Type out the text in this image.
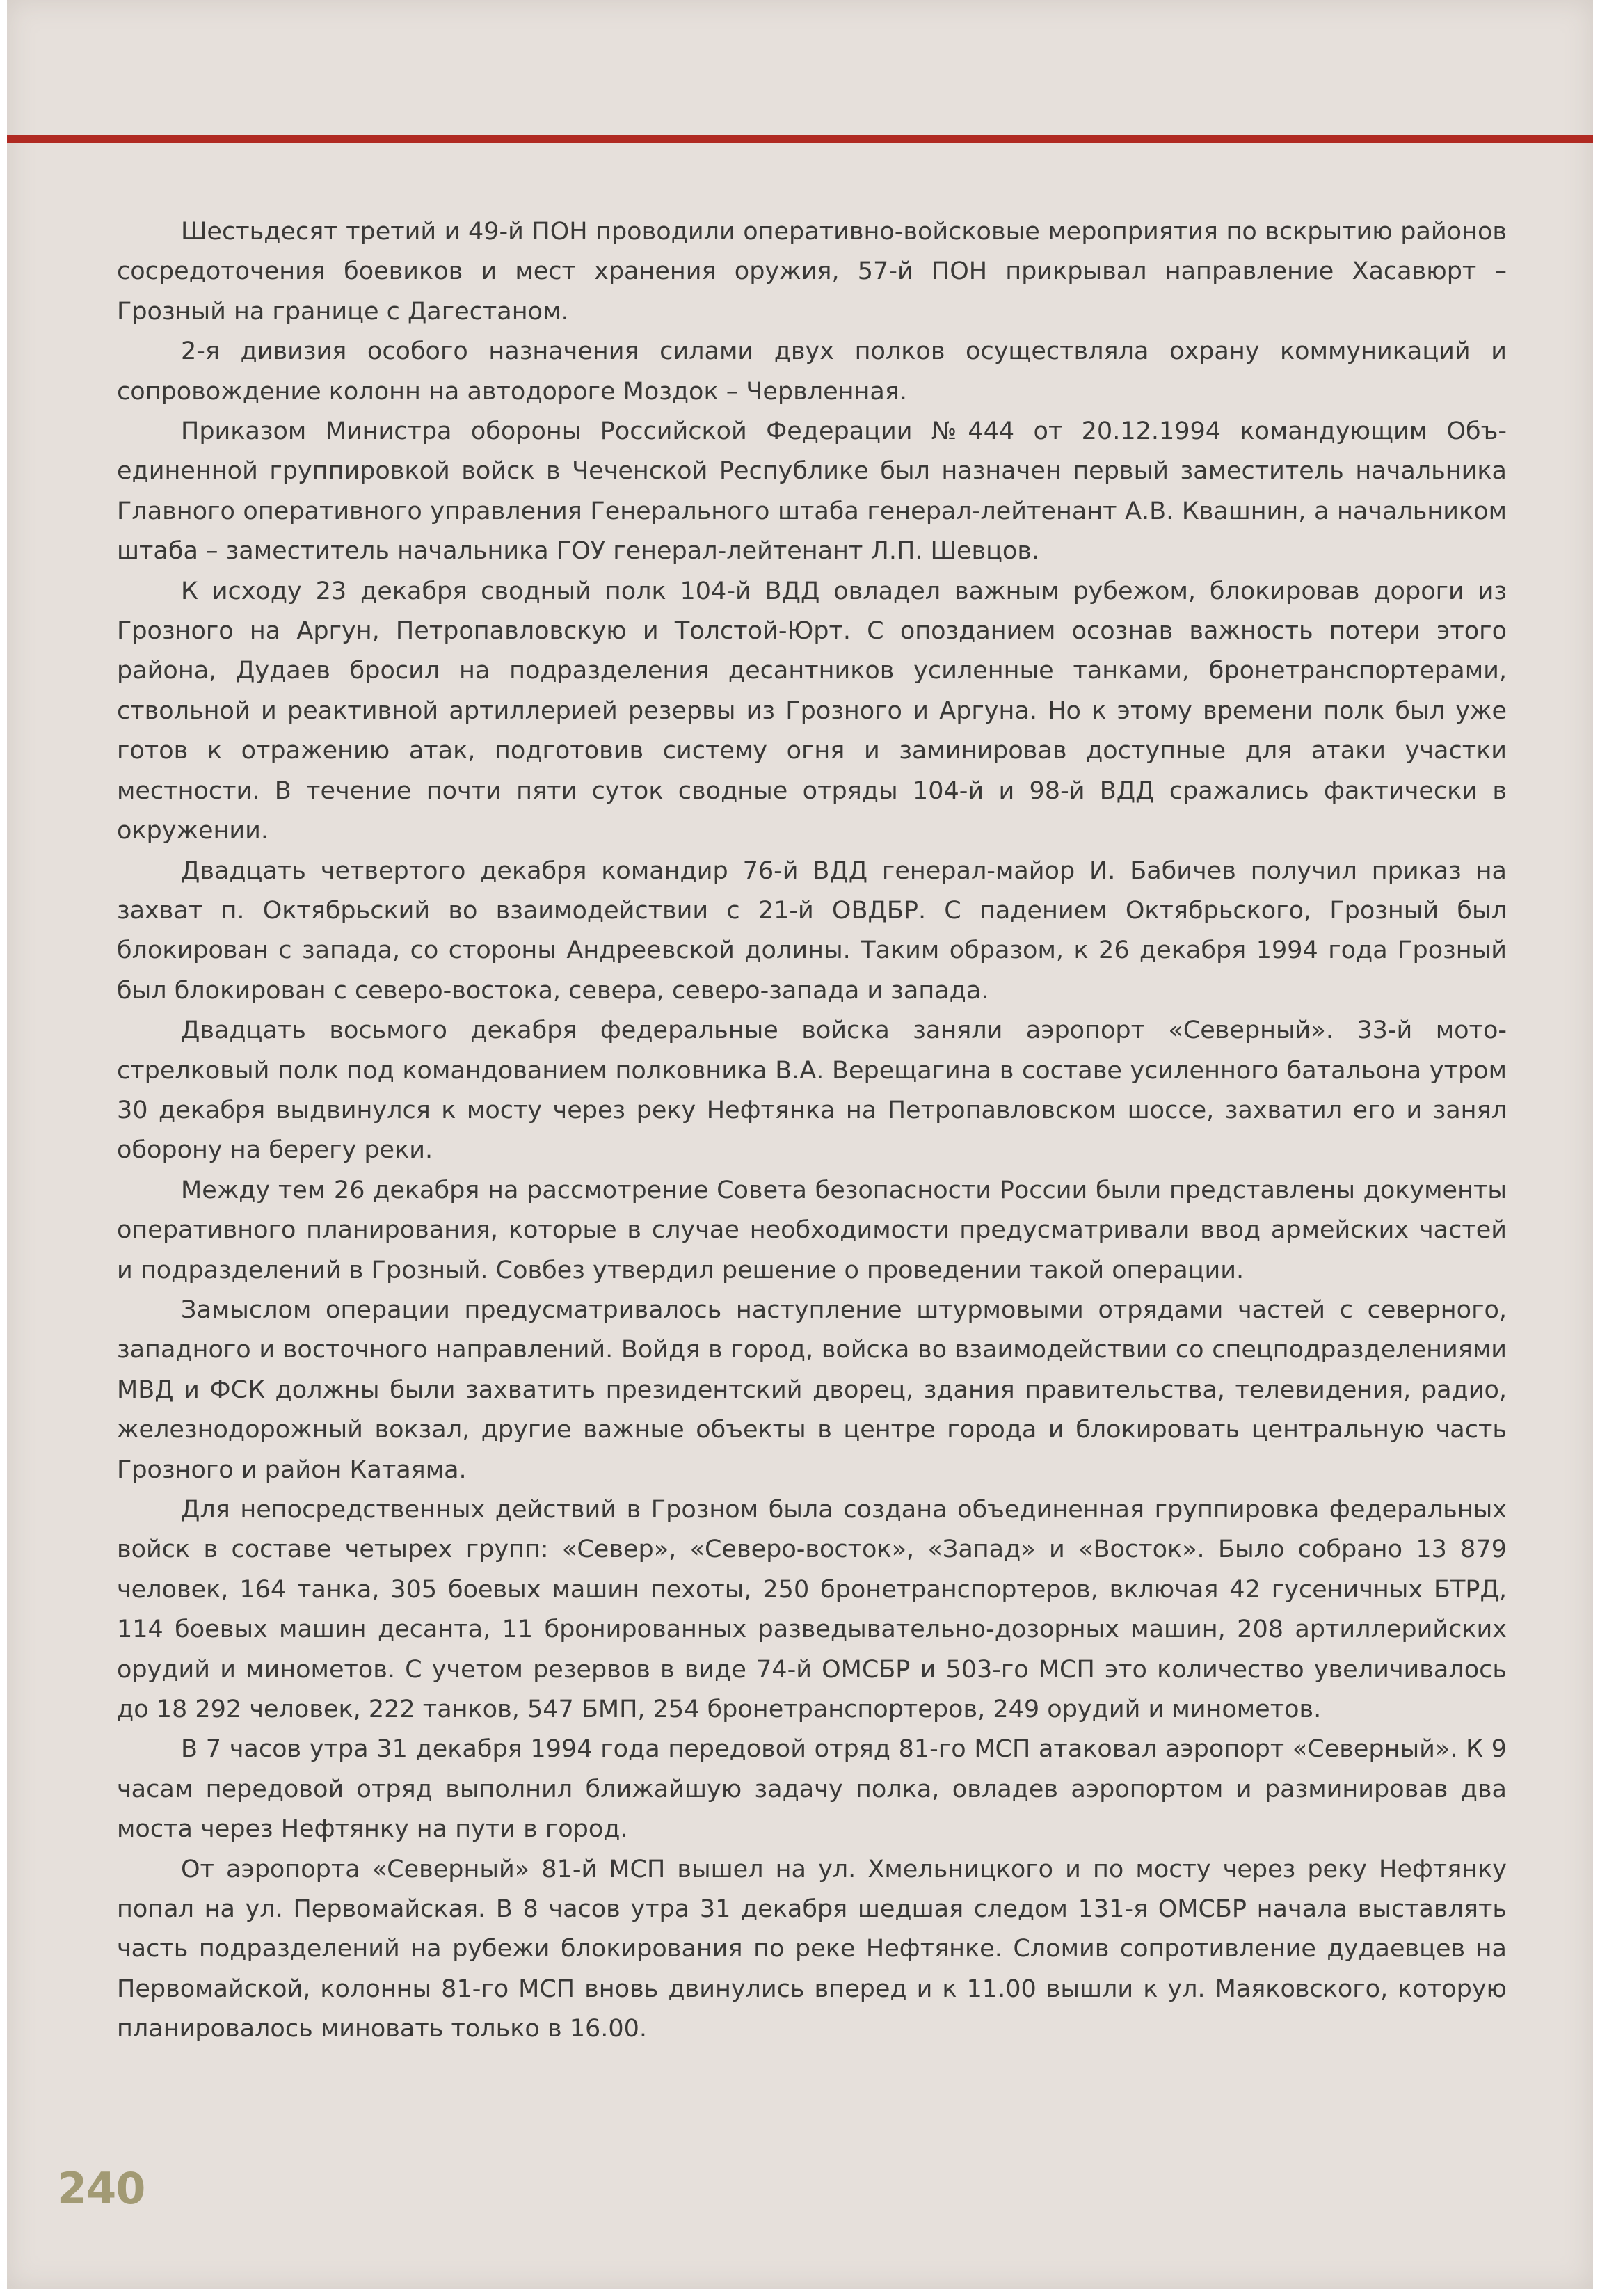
Шестьдесят третий и 49-й ПОН проводили оперативно-войсковые мероприятия по вскрытию районов сосредоточения боевиков и мест хранения оружия, 57-й ПОН прикрывал направление Хасавюрт – Грозный на границе с Дагестаном.

2-я дивизия особого назначения силами двух полков осуществляла охрану коммуникаций и сопровождение колонн на автодороге Моздок – Червленная.

Приказом Министра обороны Российской Федерации №444 от 20.12.1994 командующим Объединенной группировкой войск в Чеченской Республике был назначен первый заместитель начальника Главного оперативного управления Генерального штаба генерал-лейтенант А.В. Квашнин, а начальником штаба – заместитель начальника ГОУ генерал-лейтенант Л.П. Шевцов.

К исходу 23 декабря сводный полк 104-й ВДД овладел важным рубежом, блокировав дороги из Грозного на Аргун, Петропавловскую и Толстой-Юрт. С опозданием осознав важность потери этого района, Дудаев бросил на подразделения десантников усиленные танками, бронетранспортерами, ствольной и реактивной артиллерией резервы из Грозного и Аргуна. Но к этому времени полк был уже готов к отражению атак, подготовив систему огня и заминировав доступные для атаки участки местности. В течение почти пяти суток сводные отряды 104-й и 98-й ВДД сражались фактически в окружении.

Двадцать четвертого декабря командир 76-й ВДД генерал-майор И. Бабичев получил приказ на захват п. Октябрьский во взаимодействии с 21-й ОВДБР. С падением Октябрьского, Грозный был блокирован с запада, со стороны Андреевской долины. Таким образом, к 26 декабря 1994 года Грозный был блокирован с северо-востока, севера, северо-запада и запада.

Двадцать восьмого декабря федеральные войска заняли аэропорт «Северный». 33-й мотострелковый полк под командованием полковника В.А. Верещагина в составе усиленного батальона утром 30 декабря выдвинулся к мосту через реку Нефтянка на Петропавловском шоссе, захватил его и занял оборону на берегу реки.

Между тем 26 декабря на рассмотрение Совета безопасности России были представлены документы оперативного планирования, которые в случае необходимости предусматривали ввод армейских частей и подразделений в Грозный. Совбез утвердил решение о проведении такой операции.

Замыслом операции предусматривалось наступление штурмовыми отрядами частей с северного, западного и восточного направлений. Войдя в город, войска во взаимодействии со спецподразделениями МВД и ФСК должны были захватить президентский дворец, здания правительства, телевидения, радио, железнодорожный вокзал, другие важные объекты в центре города и блокировать центральную часть Грозного и район Катаяма.

Для непосредственных действий в Грозном была создана объединенная группировка федеральных войск в составе четырех групп: «Север», «Северо-восток», «Запад» и «Восток». Было собрано 13 879 человек, 164 танка, 305 боевых машин пехоты, 250 бронетранспортеров, включая 42 гусеничных БТРД, 114 боевых машин десанта, 11 бронированных разведывательно-дозорных машин, 208 артиллерийских орудий и минометов. С учетом резервов в виде 74-й ОМСБР и 503-го МСП это количество увеличивалось до 18 292 человек, 222 танков, 547 БМП, 254 бронетранспортеров, 249 орудий и минометов.

В 7 часов утра 31 декабря 1994 года передовой отряд 81-го МСП атаковал аэропорт «Северный». К 9 часам передовой отряд выполнил ближайшую задачу полка, овладев аэропортом и разминировав два моста через Нефтянку на пути в город.

От аэропорта «Северный» 81-й МСП вышел на ул. Хмельницкого и по мосту через реку Нефтянку попал на ул. Первомайская. В 8 часов утра 31 декабря шедшая следом 131-я ОМСБР начала выставлять часть подразделений на рубежи блокирования по реке Нефтянке. Сломив сопротивление дудаевцев на Первомайской, колонны 81-го МСП вновь двинулись вперед и к 11.00 вышли к ул. Маяковского, которую планировалось миновать только в 16.00.

240
